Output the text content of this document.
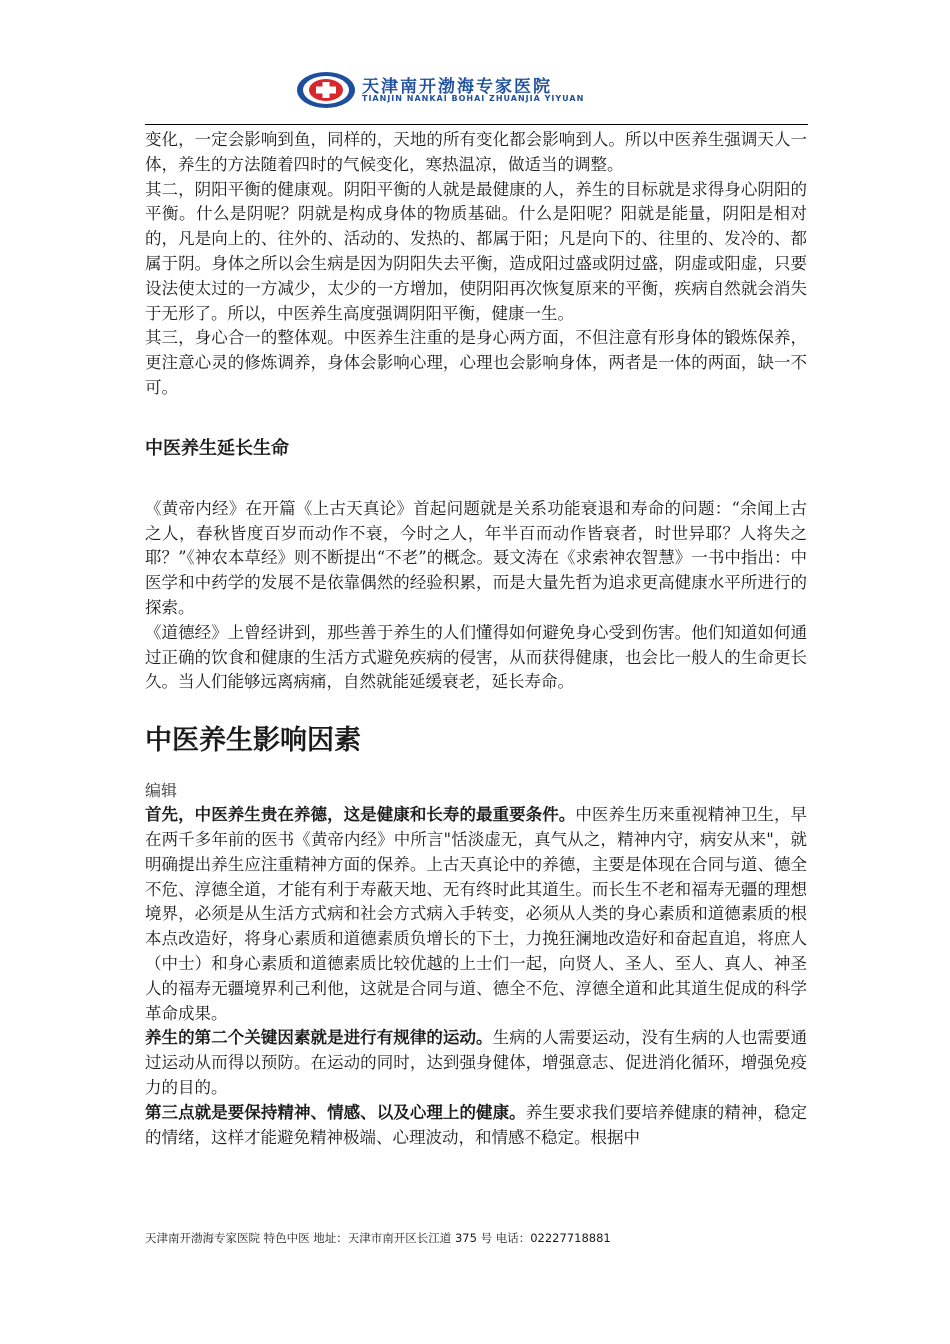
天津南开渤海专家医院
TIANJIN NANKAI BOHAI ZHUANJIA YIYUAN

变化，一定会影响到鱼，同样的，天地的所有变化都会影响到人。所以中医养生强调天人一体，养生的方法随着四时的气候变化，寒热温凉，做适当的调整。

其二，阴阳平衡的健康观。阴阳平衡的人就是最健康的人，养生的目标就是求得身心阴阳的平衡。什么是阴呢？阴就是构成身体的物质基础。什么是阳呢？阳就是能量，阴阳是相对的，凡是向上的、往外的、活动的、发热的、都属于阳；凡是向下的、往里的、发冷的、都属于阴。身体之所以会生病是因为阴阳失去平衡，造成阳过盛或阴过盛，阴虚或阳虚，只要设法使太过的一方减少，太少的一方增加，使阴阳再次恢复原来的平衡，疾病自然就会消失于无形了。所以，中医养生高度强调阴阳平衡，健康一生。

其三，身心合一的整体观。中医养生注重的是身心两方面，不但注意有形身体的锻炼保养，更注意心灵的修炼调养，身体会影响心理，心理也会影响身体，两者是一体的两面，缺一不可。

中医养生延长生命

《黄帝内经》在开篇《上古天真论》首起问题就是关系功能衰退和寿命的问题：“余闻上古之人，春秋皆度百岁而动作不衰，今时之人，年半百而动作皆衰者，时世异耶？人将失之耶？”《神农本草经》则不断提出“不老”的概念。聂文涛在《求索神农智慧》一书中指出：中医学和中药学的发展不是依靠偶然的经验积累，而是大量先哲为追求更高健康水平所进行的探索。

《道德经》上曾经讲到，那些善于养生的人们懂得如何避免身心受到伤害。他们知道如何通过正确的饮食和健康的生活方式避免疾病的侵害，从而获得健康，也会比一般人的生命更长久。当人们能够远离病痛，自然就能延缓衰老，延长寿命。

中医养生影响因素

编辑

首先，中医养生贵在养德，这是健康和长寿的最重要条件。中医养生历来重视精神卫生，早在两千多年前的医书《黄帝内经》中所言"恬淡虚无，真气从之，精神内守，病安从来"，就明确提出养生应注重精神方面的保养。上古天真论中的养德，主要是体现在合同与道、德全不危、淳德全道，才能有利于寿蔽天地、无有终时此其道生。而长生不老和福寿无疆的理想境界，必须是从生活方式病和社会方式病入手转变，必须从人类的身心素质和道德素质的根本点改造好，将身心素质和道德素质负增长的下士，力挽狂澜地改造好和奋起直追，将庶人（中士）和身心素质和道德素质比较优越的上士们一起，向贤人、圣人、至人、真人、神圣人的福寿无疆境界利己利他，这就是合同与道、德全不危、淳德全道和此其道生促成的科学革命成果。

养生的第二个关键因素就是进行有规律的运动。生病的人需要运动，没有生病的人也需要通过运动从而得以预防。在运动的同时，达到强身健体，增强意志、促进消化循环，增强免疫力的目的。

第三点就是要保持精神、情感、以及心理上的健康。养生要求我们要培养健康的精神，稳定的情绪，这样才能避免精神极端、心理波动，和情感不稳定。根据中

天津南开渤海专家医院 特色中医 地址：天津市南开区长江道 375 号 电话：02227718881
